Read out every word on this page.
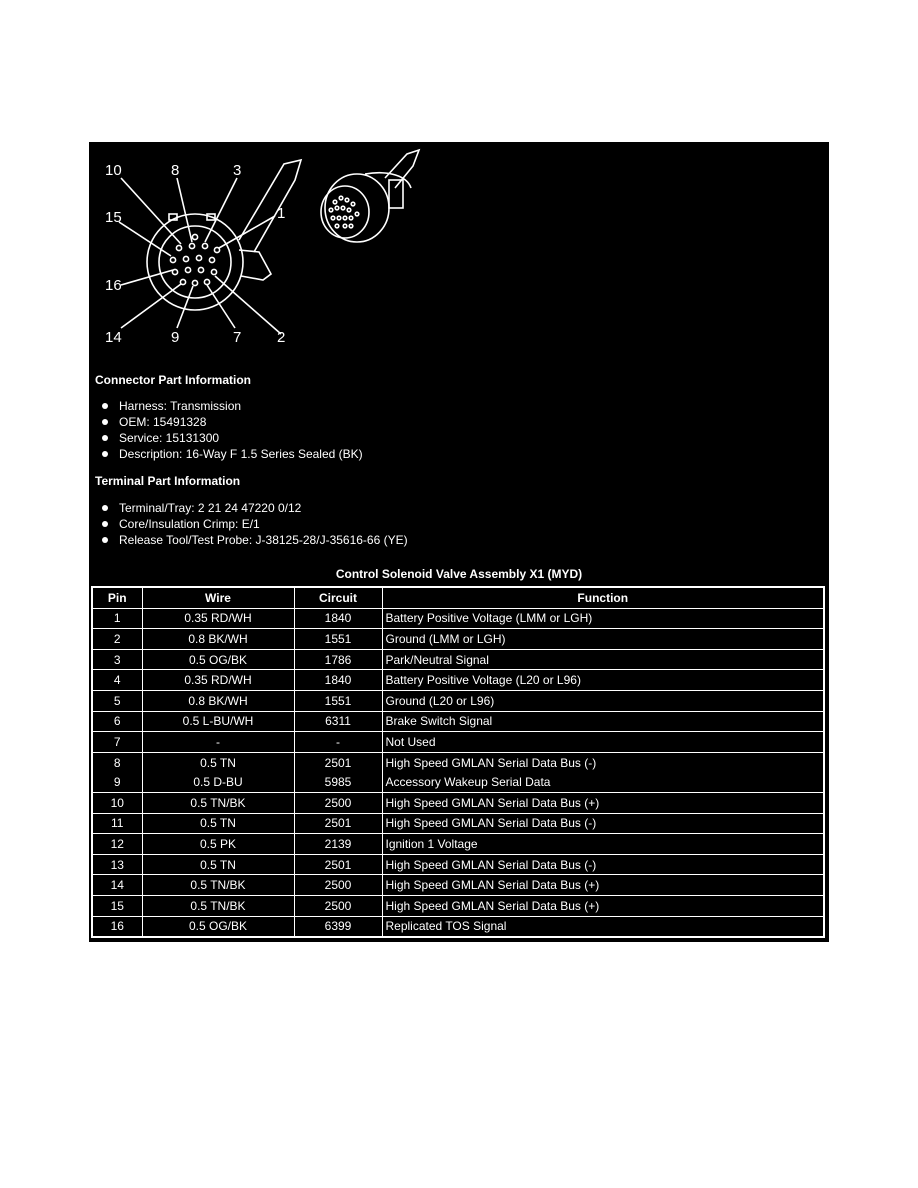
10	8	3
15	1
16
14	9	7 2
Connector Part Information
Harness: Transmission
OEM: 15491328
Service: 15131300
Description: 16-Way F 1.5 Series Sealed (BK)
Terminal Part Information
Terminal/Tray: 2 21 24 47220 0/12
Core/Insulation Crimp: E/1
Release Tool/Test Probe: J-38125-28/J-35616-66 (YE)
Control Solenoid Valve Assembly X1 (MYD)
Pin	Wire	Circuit	Function
1	0.35 RD/WH	1840	Battery Positive Voltage (LMM or LGH)
2	0.8 BK/WH	1551	Ground (LMM or LGH)
3	0.5 OG/BK	1786	Park/Neutral Signal
4	0.35 RD/WH	1840	Battery Positive Voltage (L20 or L96)
5	0.8 BK/WH	1551	Ground (L20 or L96)
6	0.5 L-BU/WH	6311	Brake Switch Signal
7	-	-	Not Used
8	0.5 TN	2501	High Speed GMLAN Serial Data Bus (-)
9	0.5 D-BU	5985	Accessory Wakeup Serial Data
10	0.5 TN/BK	2500	High Speed GMLAN Serial Data Bus (+)
11	0.5 TN	2501	High Speed GMLAN Serial Data Bus (-)
12	0.5 PK	2139	Ignition 1 Voltage
13	0.5 TN	2501	High Speed GMLAN Serial Data Bus (-)
14	0.5 TN/BK	2500	High Speed GMLAN Serial Data Bus (+)
15	0.5 TN/BK	2500	High Speed GMLAN Serial Data Bus (+)
16	0.5 OG/BK	6399	Replicated TOS Signal
